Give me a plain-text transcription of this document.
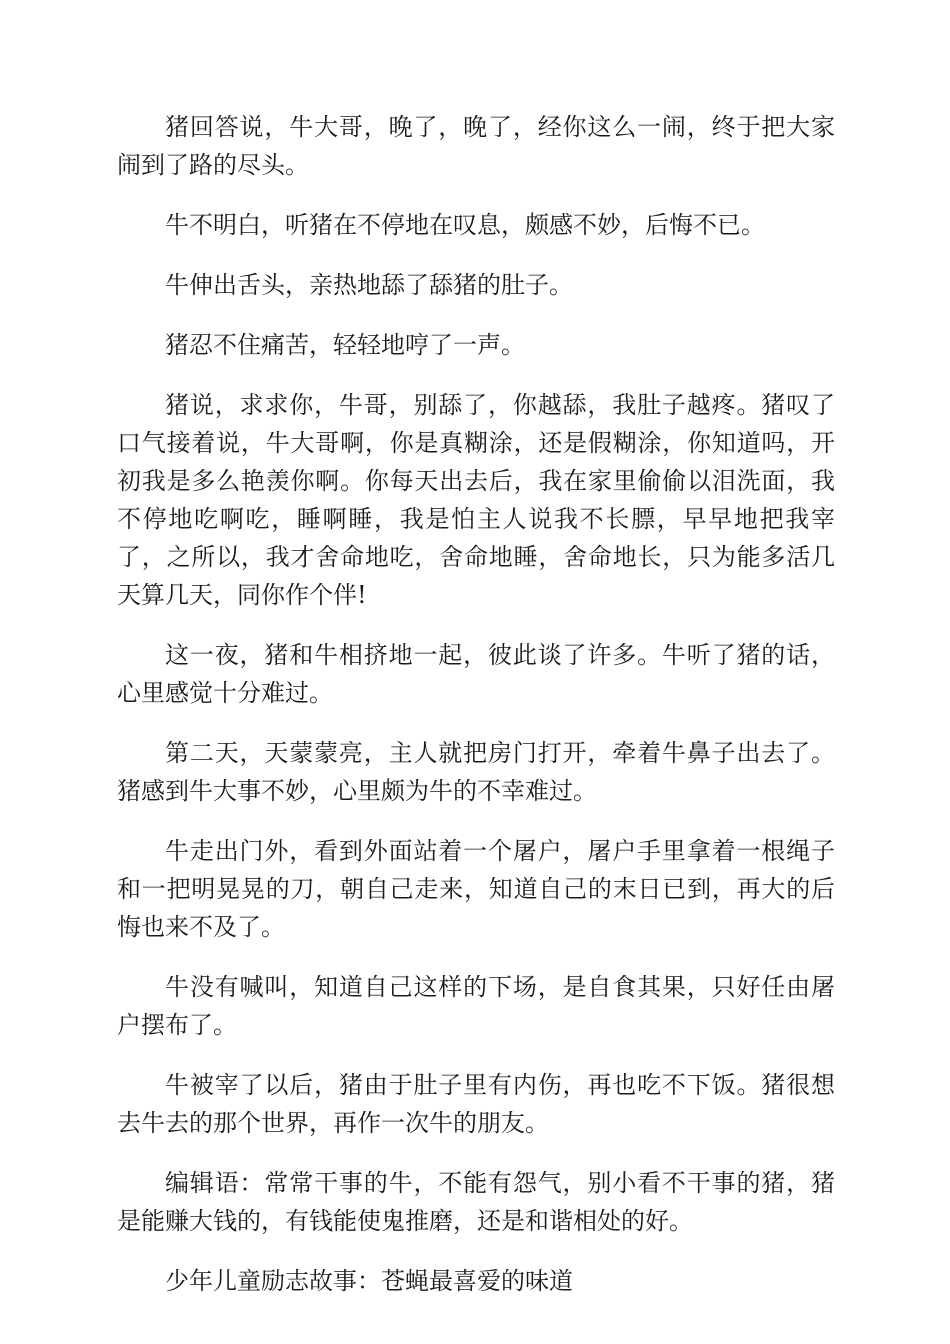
猪回答说，牛大哥，晚了，晚了，经你这么一闹，终于把大家闹到了路的尽头。

牛不明白，听猪在不停地在叹息，颇感不妙，后悔不已。

牛伸出舌头，亲热地舔了舔猪的肚子。

猪忍不住痛苦，轻轻地哼了一声。

猪说，求求你，牛哥，别舔了，你越舔，我肚子越疼。猪叹了口气接着说，牛大哥啊，你是真糊涂，还是假糊涂，你知道吗，开初我是多么艳羡你啊。你每天出去后，我在家里偷偷以泪洗面，我不停地吃啊吃，睡啊睡，我是怕主人说我不长膘，早早地把我宰了，之所以，我才舍命地吃，舍命地睡，舍命地长，只为能多活几天算几天，同你作个伴!

这一夜，猪和牛相挤地一起，彼此谈了许多。牛听了猪的话，心里感觉十分难过。

第二天，天蒙蒙亮，主人就把房门打开，牵着牛鼻子出去了。猪感到牛大事不妙，心里颇为牛的不幸难过。

牛走出门外，看到外面站着一个屠户，屠户手里拿着一根绳子和一把明晃晃的刀，朝自己走来，知道自己的末日已到，再大的后悔也来不及了。

牛没有喊叫，知道自己这样的下场，是自食其果，只好任由屠户摆布了。

牛被宰了以后，猪由于肚子里有内伤，再也吃不下饭。猪很想去牛去的那个世界，再作一次牛的朋友。

编辑语：常常干事的牛，不能有怨气，别小看不干事的猪，猪是能赚大钱的，有钱能使鬼推磨，还是和谐相处的好。

少年儿童励志故事：苍蝇最喜爱的味道
